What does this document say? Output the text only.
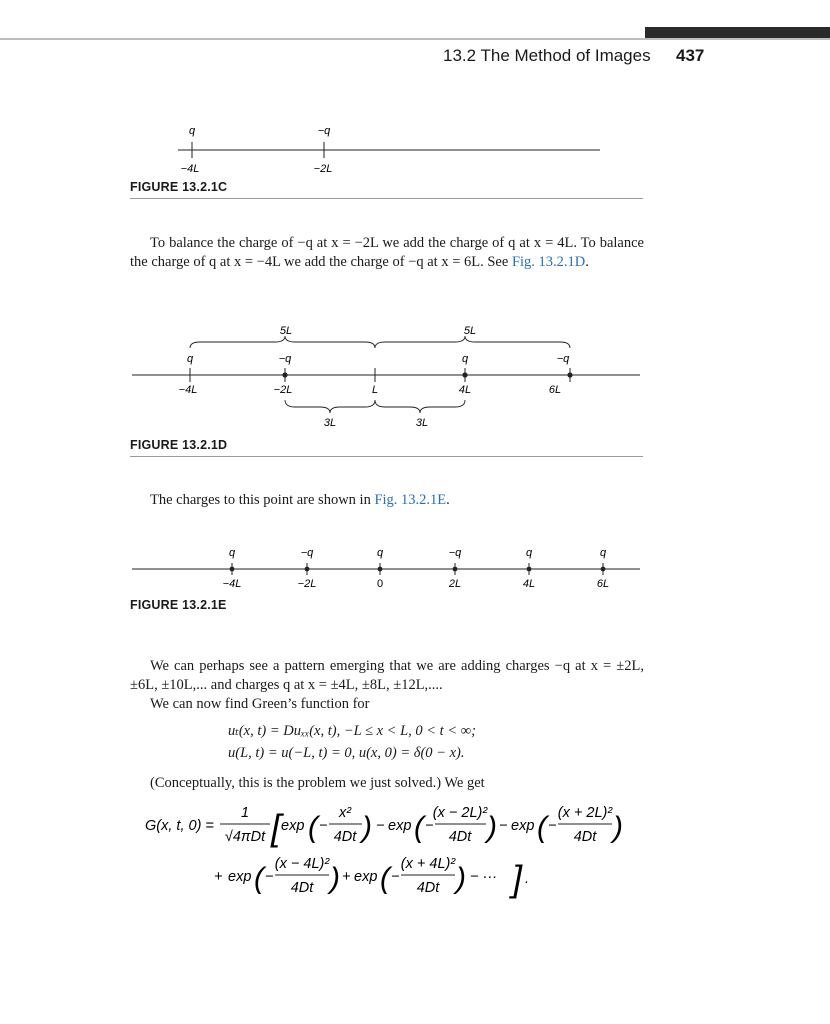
13.2 The Method of Images 437
q	−q
−4L	−2L
FIGURE 13.2.1C
To balance the charge of −q at x = −2L we add the charge of q at x = 4L. To balance the charge of q at x = −4L we add the charge of −q at x = 6L. See Fig. 13.2.1D.
5L	5L
q	−q	q	−q
−4L	−2L	L	4L	6L
3L	3L
FIGURE 13.2.1D
The charges to this point are shown in Fig. 13.2.1E.
q	−q	q	−q	q	q
−4L	−2L	0	2L	4L	6L
FIGURE 13.2.1E
We can perhaps see a pattern emerging that we are adding charges −q at x = ±2L, ±6L, ±10L,... and charges q at x = ±4L, ±8L, ±12L,....
We can now find Green’s function for
uₜ(x, t) = Duₓₓ(x, t), −L ≤ x < L, 0 < t < ∞;
u(L, t) = u(−L, t) = 0, u(x, 0) = δ(0 − x).
(Conceptually, this is the problem we just solved.) We get
G(x, t, 0) =
1
√4πDt [ exp ( −
x²
4Dt ) − exp ( −
(x − 2L)²
4Dt ) − exp ( −
(x + 2L)²
4Dt )
+ exp ( −
(x − 4L)²
4Dt ) + exp ( −
(x + 4L)²
4Dt ) − ··· ] .
